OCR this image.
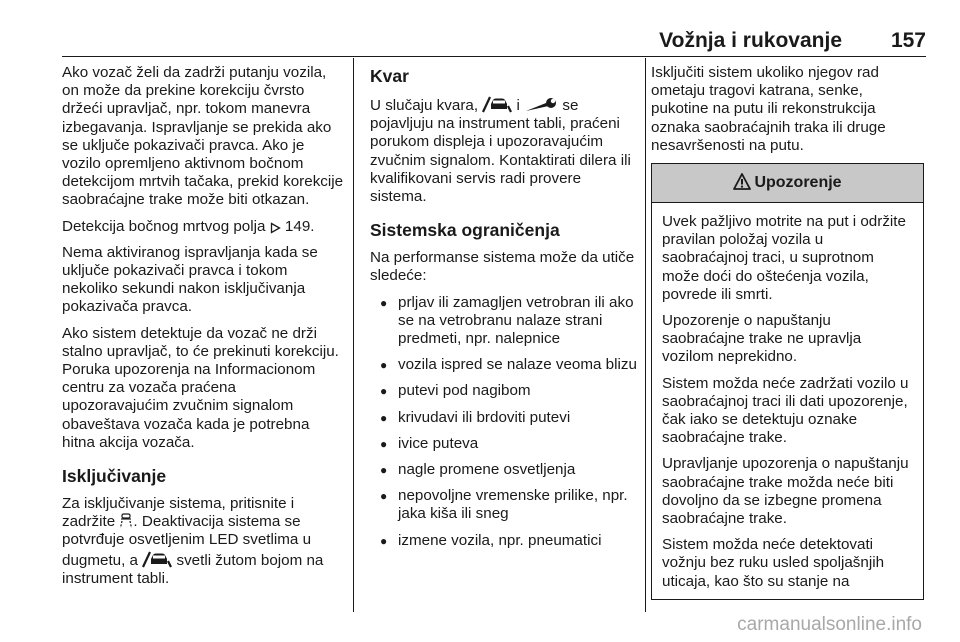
Vožnja i rukovanje 157

Ako vozač želi da zadrži putanju vozila, on može da prekine korekciju čvrsto držeći upravljač, npr. tokom manevra izbegavanja. Ispravljanje se prekida ako se uključe pokazivači pravca. Ako je vozilo opremljeno aktivnom bočnom detekcijom mrtvih tačaka, prekid korekcije saobraćajne trake može biti otkazan.

Detekcija bočnog mrtvog polja 149.

Nema aktiviranog ispravljanja kada se uključe pokazivači pravca i tokom nekoliko sekundi nakon isključivanja pokazivača pravca.

Ako sistem detektuje da vozač ne drži stalno upravljač, to će prekinuti korekciju. Poruka upozorenja na Informacionom centru za vozača praćena upozoravajućim zvučnim signalom obaveštava vozača kada je potrebna hitna akcija vozača.

Isključivanje

Za isključivanje sistema, pritisnite i zadržite . Deaktivacija sistema se potvrđuje osvetljenim LED svetlima u dugmetu, a	svetli žutom bojom na instrument tabli.

Kvar

U slučaju kvara,	i	se pojavljuju na instrument tabli, praćeni porukom displeja i upozoravajućim zvučnim signalom. Kontaktirati dilera ili kvalifikovani servis radi provere sistema.

Sistemska ograničenja

Na performanse sistema može da utiče sledeće:

● prljav ili zamagljen vetrobran ili ako se na vetrobranu nalaze strani predmeti, npr. nalepnice
● vozila ispred se nalaze veoma blizu
● putevi pod nagibom
● krivudavi ili brdoviti putevi
● ivice puteva
● nagle promene osvetljenja
● nepovoljne vremenske prilike, npr. jaka kiša ili sneg
● izmene vozila, npr. pneumatici

Isključiti sistem ukoliko njegov rad ometaju tragovi katrana, senke, pukotine na putu ili rekonstrukcija oznaka saobraćajnih traka ili druge nesavršenosti na putu.

Upozorenje

Uvek pažljivo motrite na put i održite pravilan položaj vozila u saobraćajnoj traci, u suprotnom može doći do oštećenja vozila, povrede ili smrti.

Upozorenje o napuštanju saobraćajne trake ne upravlja vozilom neprekidno.

Sistem možda neće zadržati vozilo u saobraćajnoj traci ili dati upozorenje, čak iako se detektuju oznake saobraćajne trake.

Upravljanje upozorenja o napuštanju saobraćajne trake možda neće biti dovoljno da se izbegne promena saobraćajne trake.

Sistem možda neće detektovati vožnju bez ruku usled spoljašnjih uticaja, kao što su stanje na

carmanualsonline.info
